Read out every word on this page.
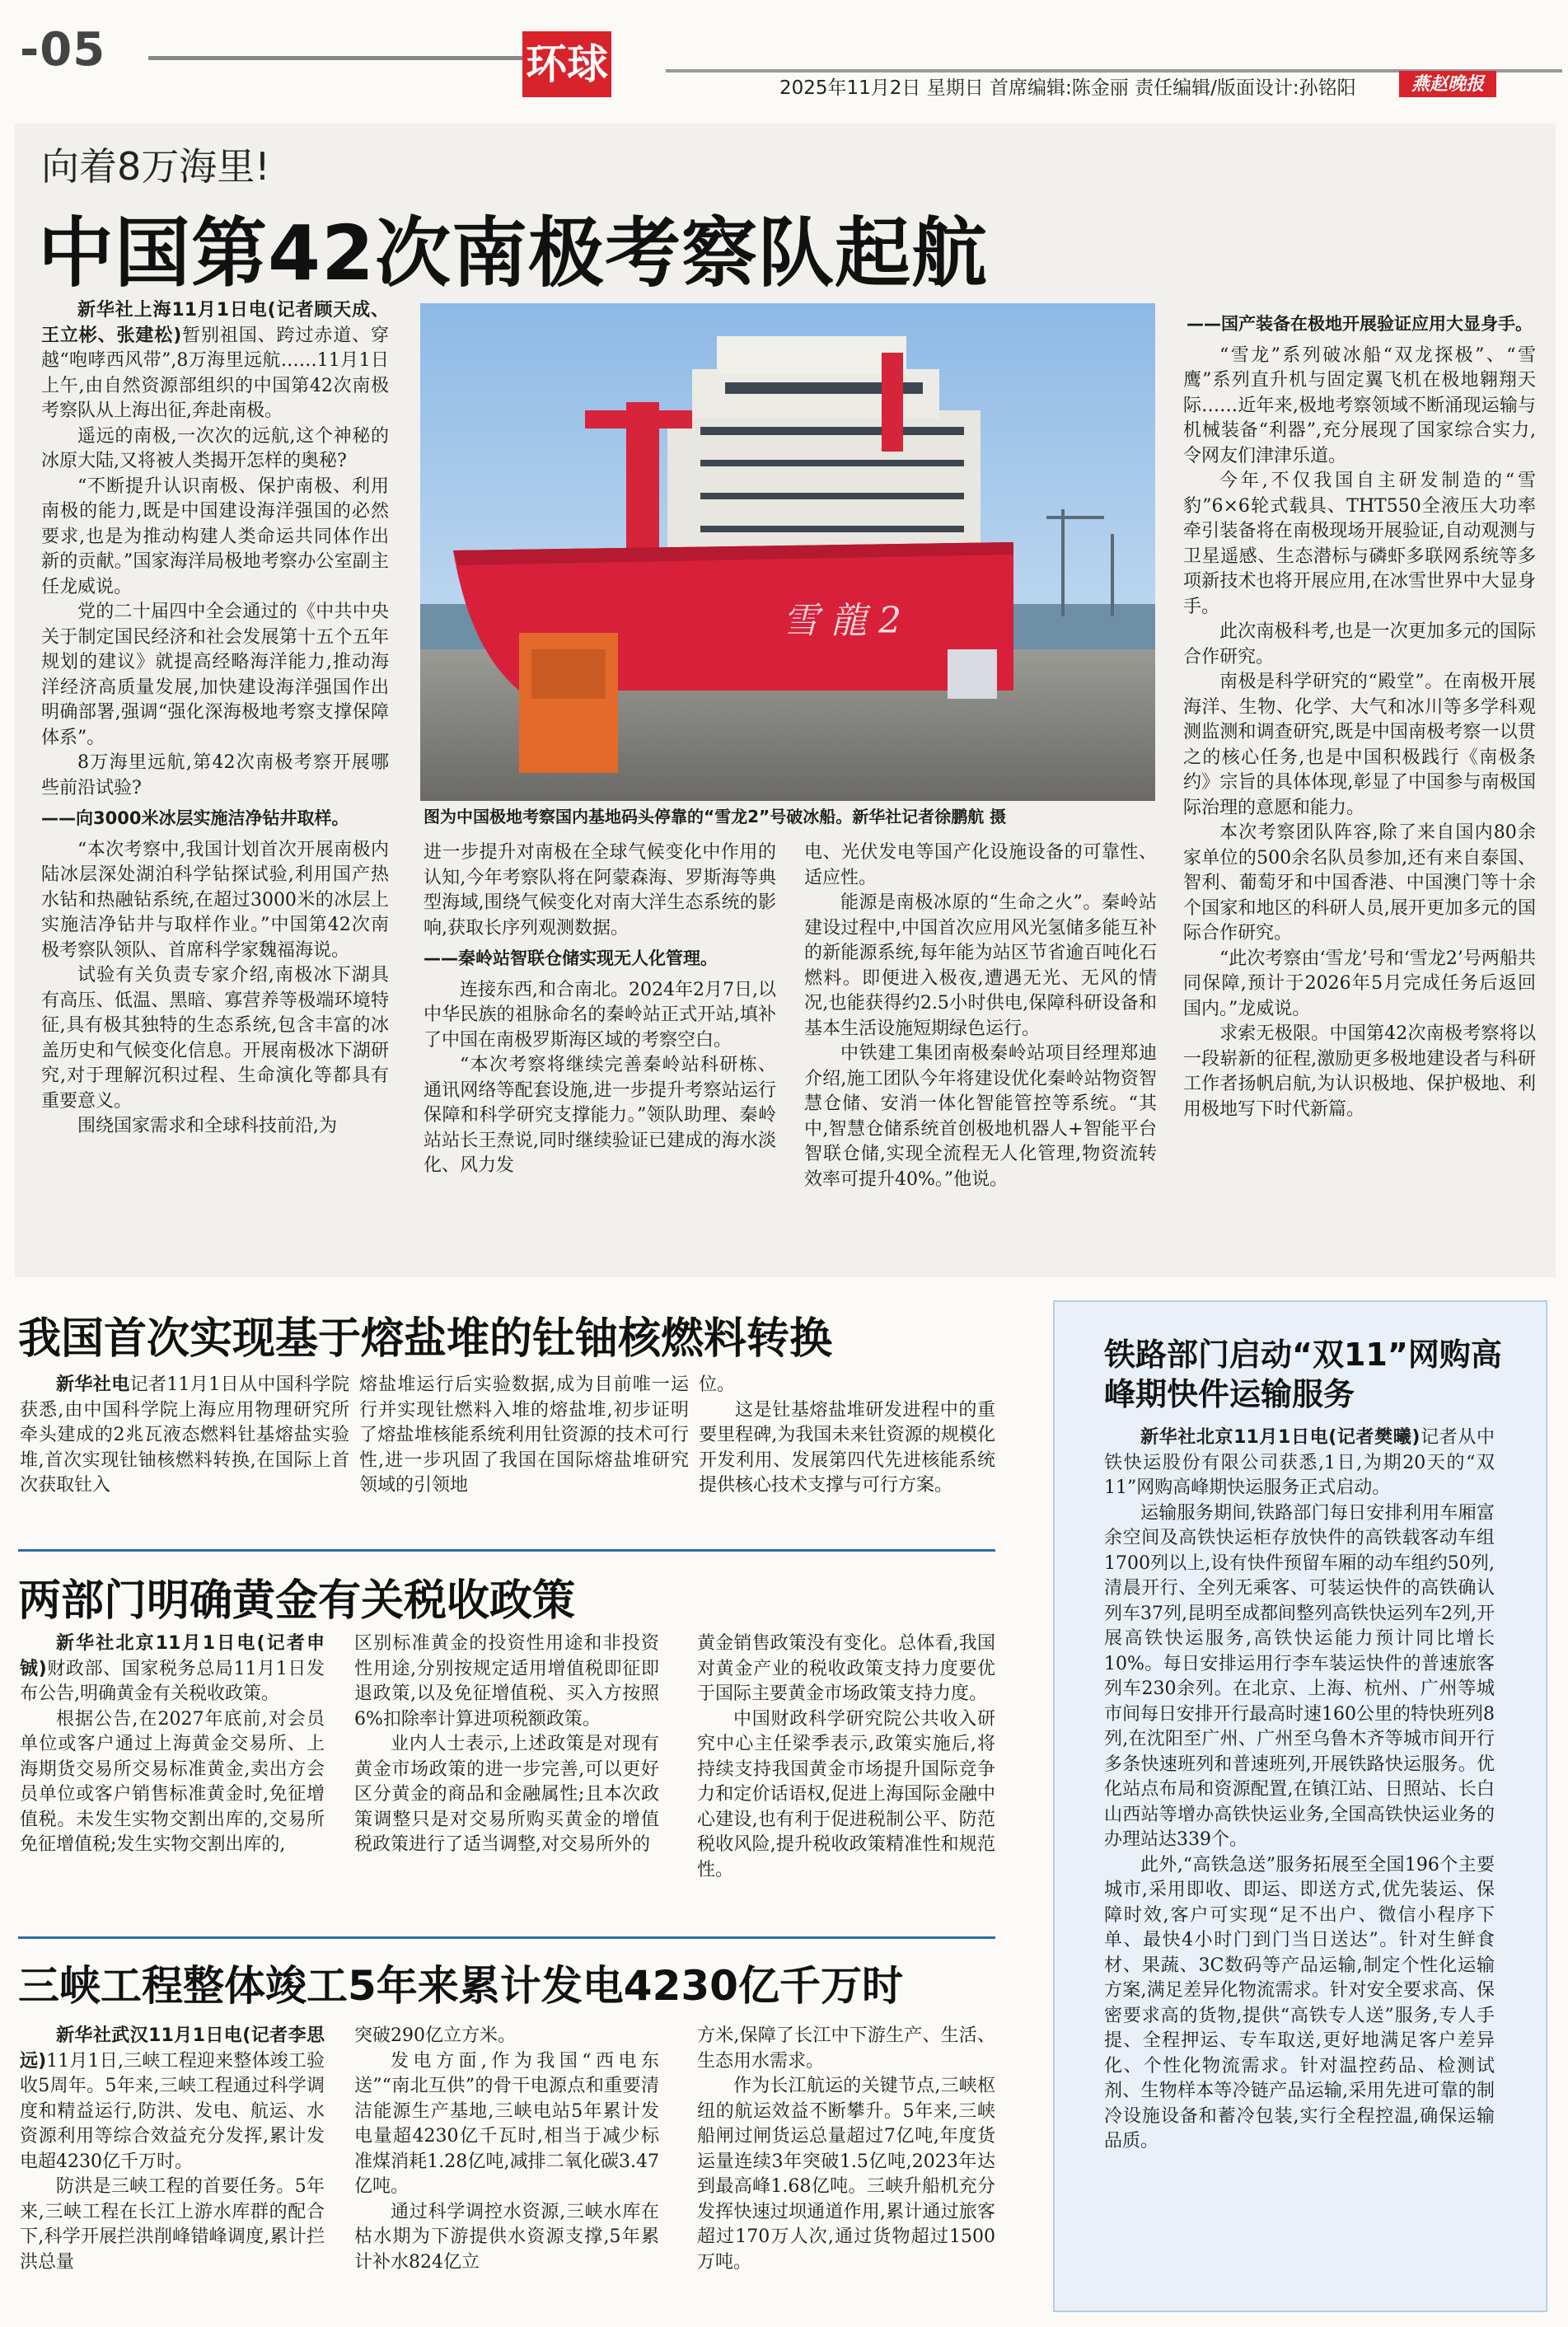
-05	环球	2025年11月2日 星期日 首席编辑:陈金丽 责任编辑/版面设计:孙铭阳	燕赵晚报
向着8万海里!
中国第42次南极考察队起航
雪 龍 2
图为中国极地考察国内基地码头停靠的“雪龙2”号破冰船。新华社记者徐鹏航 摄

新华社上海11月1日电(记者顾天成、王立彬、张建松)暂别祖国、跨过赤道、穿越“咆哮西风带”,8万海里远航……11月1日上午,由自然资源部组织的中国第42次南极考察队从上海出征,奔赴南极。

遥远的南极,一次次的远航,这个神秘的冰原大陆,又将被人类揭开怎样的奥秘?

“不断提升认识南极、保护南极、利用南极的能力,既是中国建设海洋强国的必然要求,也是为推动构建人类命运共同体作出新的贡献。”国家海洋局极地考察办公室副主任龙威说。

党的二十届四中全会通过的《中共中央关于制定国民经济和社会发展第十五个五年规划的建议》就提高经略海洋能力,推动海洋经济高质量发展,加快建设海洋强国作出明确部署,强调“强化深海极地考察支撑保障体系”。

8万海里远航,第42次南极考察开展哪些前沿试验?

——向3000米冰层实施洁净钻井取样。

“本次考察中,我国计划首次开展南极内陆冰层深处湖泊科学钻探试验,利用国产热水钻和热融钻系统,在超过3000米的冰层上实施洁净钻井与取样作业。”中国第42次南极考察队领队、首席科学家魏福海说。

试验有关负责专家介绍,南极冰下湖具有高压、低温、黑暗、寡营养等极端环境特征,具有极其独特的生态系统,包含丰富的冰盖历史和气候变化信息。开展南极冰下湖研究,对于理解沉积过程、生命演化等都具有重要意义。

围绕国家需求和全球科技前沿,为

进一步提升对南极在全球气候变化中作用的认知,今年考察队将在阿蒙森海、罗斯海等典型海域,围绕气候变化对南大洋生态系统的影响,获取长序列观测数据。

——秦岭站智联仓储实现无人化管理。

连接东西,和合南北。2024年2月7日,以中华民族的祖脉命名的秦岭站正式开站,填补了中国在南极罗斯海区域的考察空白。

“本次考察将继续完善秦岭站科研栋、通讯网络等配套设施,进一步提升考察站运行保障和科学研究支撑能力。”领队助理、秦岭站站长王焘说,同时继续验证已建成的海水淡化、风力发

电、光伏发电等国产化设施设备的可靠性、适应性。

能源是南极冰原的“生命之火”。秦岭站建设过程中,中国首次应用风光氢储多能互补的新能源系统,每年能为站区节省逾百吨化石燃料。即便进入极夜,遭遇无光、无风的情况,也能获得约2.5小时供电,保障科研设备和基本生活设施短期绿色运行。

中铁建工集团南极秦岭站项目经理郑迪介绍,施工团队今年将建设优化秦岭站物资智慧仓储、安消一体化智能管控等系统。“其中,智慧仓储系统首创极地机器人+智能平台智联仓储,实现全流程无人化管理,物资流转效率可提升40%。”他说。

——国产装备在极地开展验证应用大显身手。

“雪龙”系列破冰船“双龙探极”、“雪鹰”系列直升机与固定翼飞机在极地翱翔天际……近年来,极地考察领域不断涌现运输与机械装备“利器”,充分展现了国家综合实力,令网友们津津乐道。

今年,不仅我国自主研发制造的“雪豹”6×6轮式载具、THT550全液压大功率牵引装备将在南极现场开展验证,自动观测与卫星遥感、生态潜标与磷虾多联网系统等多项新技术也将开展应用,在冰雪世界中大显身手。

此次南极科考,也是一次更加多元的国际合作研究。

南极是科学研究的“殿堂”。在南极开展海洋、生物、化学、大气和冰川等多学科观测监测和调查研究,既是中国南极考察一以贯之的核心任务,也是中国积极践行《南极条约》宗旨的具体体现,彰显了中国参与南极国际治理的意愿和能力。

本次考察团队阵容,除了来自国内80余家单位的500余名队员参加,还有来自泰国、智利、葡萄牙和中国香港、中国澳门等十余个国家和地区的科研人员,展开更加多元的国际合作研究。

“此次考察由‘雪龙’号和‘雪龙2’号两船共同保障,预计于2026年5月完成任务后返回国内。”龙威说。

求索无极限。中国第42次南极考察将以一段崭新的征程,激励更多极地建设者与科研工作者扬帆启航,为认识极地、保护极地、利用极地写下时代新篇。

我国首次实现基于熔盐堆的钍铀核燃料转换

新华社电记者11月1日从中国科学院获悉,由中国科学院上海应用物理研究所牵头建成的2兆瓦液态燃料钍基熔盐实验堆,首次实现钍铀核燃料转换,在国际上首次获取钍入

熔盐堆运行后实验数据,成为目前唯一运行并实现钍燃料入堆的熔盐堆,初步证明了熔盐堆核能系统利用钍资源的技术可行性,进一步巩固了我国在国际熔盐堆研究领域的引领地

位。

这是钍基熔盐堆研发进程中的重要里程碑,为我国未来钍资源的规模化开发利用、发展第四代先进核能系统提供核心技术支撑与可行方案。

两部门明确黄金有关税收政策

新华社北京11月1日电(记者申铖)财政部、国家税务总局11月1日发布公告,明确黄金有关税收政策。

根据公告,在2027年底前,对会员单位或客户通过上海黄金交易所、上海期货交易所交易标准黄金,卖出方会员单位或客户销售标准黄金时,免征增值税。未发生实物交割出库的,交易所免征增值税;发生实物交割出库的,

区别标准黄金的投资性用途和非投资性用途,分别按规定适用增值税即征即退政策,以及免征增值税、买入方按照6%扣除率计算进项税额政策。

业内人士表示,上述政策是对现有黄金市场政策的进一步完善,可以更好区分黄金的商品和金融属性;且本次政策调整只是对交易所购买黄金的增值税政策进行了适当调整,对交易所外的

黄金销售政策没有变化。总体看,我国对黄金产业的税收政策支持力度要优于国际主要黄金市场政策支持力度。

中国财政科学研究院公共收入研究中心主任梁季表示,政策实施后,将持续支持我国黄金市场提升国际竞争力和定价话语权,促进上海国际金融中心建设,也有利于促进税制公平、防范税收风险,提升税收政策精准性和规范性。

三峡工程整体竣工5年来累计发电4230亿千万时

新华社武汉11月1日电(记者李思远)11月1日,三峡工程迎来整体竣工验收5周年。5年来,三峡工程通过科学调度和精益运行,防洪、发电、航运、水资源利用等综合效益充分发挥,累计发电超4230亿千万时。

防洪是三峡工程的首要任务。5年来,三峡工程在长江上游水库群的配合下,科学开展拦洪削峰错峰调度,累计拦洪总量

突破290亿立方米。

发电方面,作为我国“西电东送”“南北互供”的骨干电源点和重要清洁能源生产基地,三峡电站5年累计发电量超4230亿千瓦时,相当于减少标准煤消耗1.28亿吨,减排二氧化碳3.47亿吨。

通过科学调控水资源,三峡水库在枯水期为下游提供水资源支撑,5年累计补水824亿立

方米,保障了长江中下游生产、生活、生态用水需求。

作为长江航运的关键节点,三峡枢纽的航运效益不断攀升。5年来,三峡船闸过闸货运总量超过7亿吨,年度货运量连续3年突破1.5亿吨,2023年达到最高峰1.68亿吨。三峡升船机充分发挥快速过坝通道作用,累计通过旅客超过170万人次,通过货物超过1500万吨。

铁路部门启动“双11”网购高峰期快件运输服务

新华社北京11月1日电(记者樊曦)记者从中铁快运股份有限公司获悉,1日,为期20天的“双11”网购高峰期快运服务正式启动。

运输服务期间,铁路部门每日安排利用车厢富余空间及高铁快运柜存放快件的高铁载客动车组1700列以上,设有快件预留车厢的动车组约50列,清晨开行、全列无乘客、可装运快件的高铁确认列车37列,昆明至成都间整列高铁快运列车2列,开展高铁快运服务,高铁快运能力预计同比增长10%。每日安排运用行李车装运快件的普速旅客列车230余列。在北京、上海、杭州、广州等城市间每日安排开行最高时速160公里的特快班列8列,在沈阳至广州、广州至乌鲁木齐等城市间开行多条快速班列和普速班列,开展铁路快运服务。优化站点布局和资源配置,在镇江站、日照站、长白山西站等增办高铁快运业务,全国高铁快运业务的办理站达339个。

此外,“高铁急送”服务拓展至全国196个主要城市,采用即收、即运、即送方式,优先装运、保障时效,客户可实现“足不出户、微信小程序下单、最快4小时门到门当日送达”。针对生鲜食材、果蔬、3C数码等产品运输,制定个性化运输方案,满足差异化物流需求。针对安全要求高、保密要求高的货物,提供“高铁专人送”服务,专人手提、全程押运、专车取送,更好地满足客户差异化、个性化物流需求。针对温控药品、检测试剂、生物样本等冷链产品运输,采用先进可靠的制冷设施设备和蓄冷包装,实行全程控温,确保运输品质。
